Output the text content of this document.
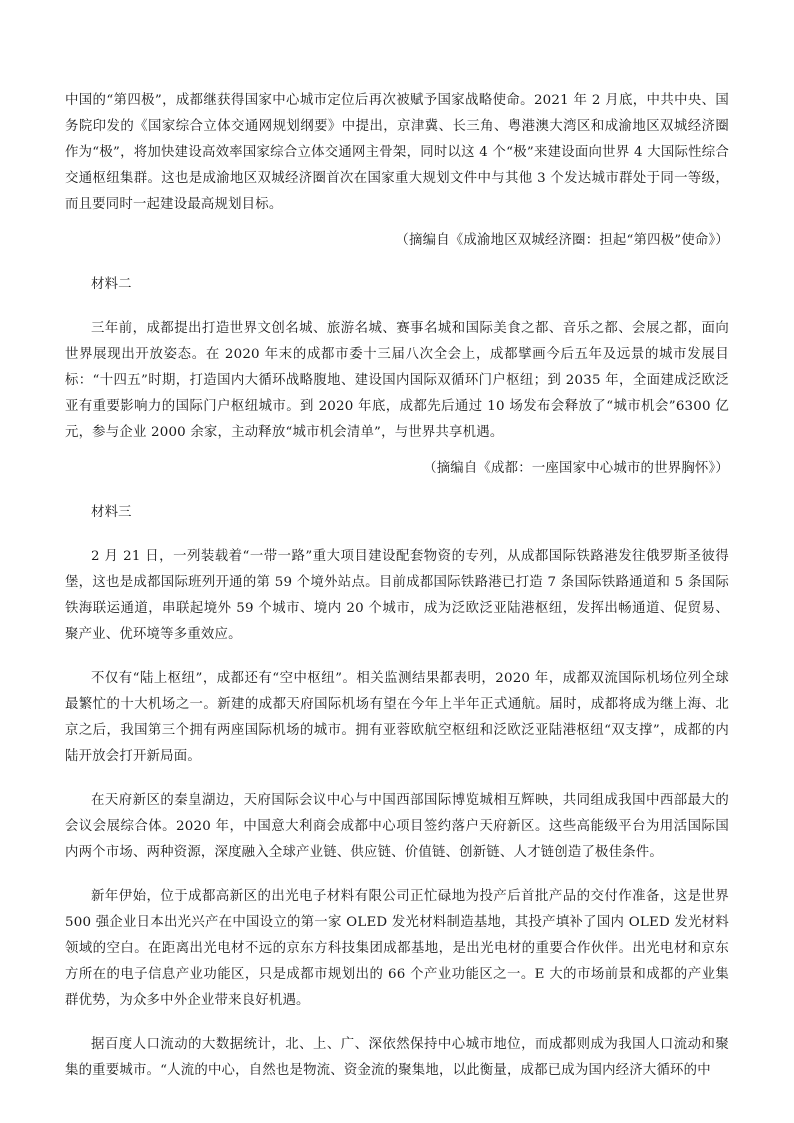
中国的“第四极”，成都继获得国家中心城市定位后再次被赋予国家战略使命。2021 年 2 月底，中共中央、国务院印发的《国家综合立体交通网规划纲要》中提出，京津冀、长三角、粤港澳大湾区和成渝地区双城经济圈作为“极”，将加快建设高效率国家综合立体交通网主骨架，同时以这 4 个“极”来建设面向世界 4 大国际性综合交通枢纽集群。这也是成渝地区双城经济圈首次在国家重大规划文件中与其他 3 个发达城市群处于同一等级，而且要同时一起建设最高规划目标。

（摘编自《成渝地区双城经济圈：担起“第四极”使命》）

材料二

三年前，成都提出打造世界文创名城、旅游名城、赛事名城和国际美食之都、音乐之都、会展之都，面向世界展现出开放姿态。在 2020 年末的成都市委十三届八次全会上，成都擘画今后五年及远景的城市发展目标：“十四五”时期，打造国内大循环战略腹地、建设国内国际双循环门户枢纽；到 2035 年，全面建成泛欧泛亚有重要影响力的国际门户枢纽城市。到 2020 年底，成都先后通过 10 场发布会释放了“城市机会”6300 亿元，参与企业 2000 余家，主动释放“城市机会清单”，与世界共享机遇。

（摘编自《成都：一座国家中心城市的世界胸怀》）

材料三

2 月 21 日，一列装载着“一带一路”重大项目建设配套物资的专列，从成都国际铁路港发往俄罗斯圣彼得堡，这也是成都国际班列开通的第 59 个境外站点。目前成都国际铁路港已打造 7 条国际铁路通道和 5 条国际铁海联运通道，串联起境外 59 个城市、境内 20 个城市，成为泛欧泛亚陆港枢纽，发挥出畅通道、促贸易、聚产业、优环境等多重效应。

不仅有“陆上枢纽”，成都还有“空中枢纽”。相关监测结果都表明，2020 年，成都双流国际机场位列全球最繁忙的十大机场之一。新建的成都天府国际机场有望在今年上半年正式通航。届时，成都将成为继上海、北京之后，我国第三个拥有两座国际机场的城市。拥有亚蓉欧航空枢纽和泛欧泛亚陆港枢纽“双支撑”，成都的内陆开放会打开新局面。

在天府新区的秦皇湖边，天府国际会议中心与中国西部国际博览城相互辉映，共同组成我国中西部最大的会议会展综合体。2020 年，中国意大利商会成都中心项目签约落户天府新区。这些高能级平台为用活国际国内两个市场、两种资源，深度融入全球产业链、供应链、价值链、创新链、人才链创造了极佳条件。

新年伊始，位于成都高新区的出光电子材料有限公司正忙碌地为投产后首批产品的交付作准备，这是世界 500 强企业日本出光兴产在中国设立的第一家 OLED 发光材料制造基地，其投产填补了国内 OLED 发光材料领域的空白。在距离出光电材不远的京东方科技集团成都基地，是出光电材的重要合作伙伴。出光电材和京东方所在的电子信息产业功能区，只是成都市规划出的 66 个产业功能区之一。E 大的市场前景和成都的产业集群优势，为众多中外企业带来良好机遇。

据百度人口流动的大数据统计，北、上、广、深依然保持中心城市地位，而成都则成为我国人口流动和聚集的重要城市。“人流的中心，自然也是物流、资金流的聚集地，以此衡量，成都已成为国内经济大循环的中
